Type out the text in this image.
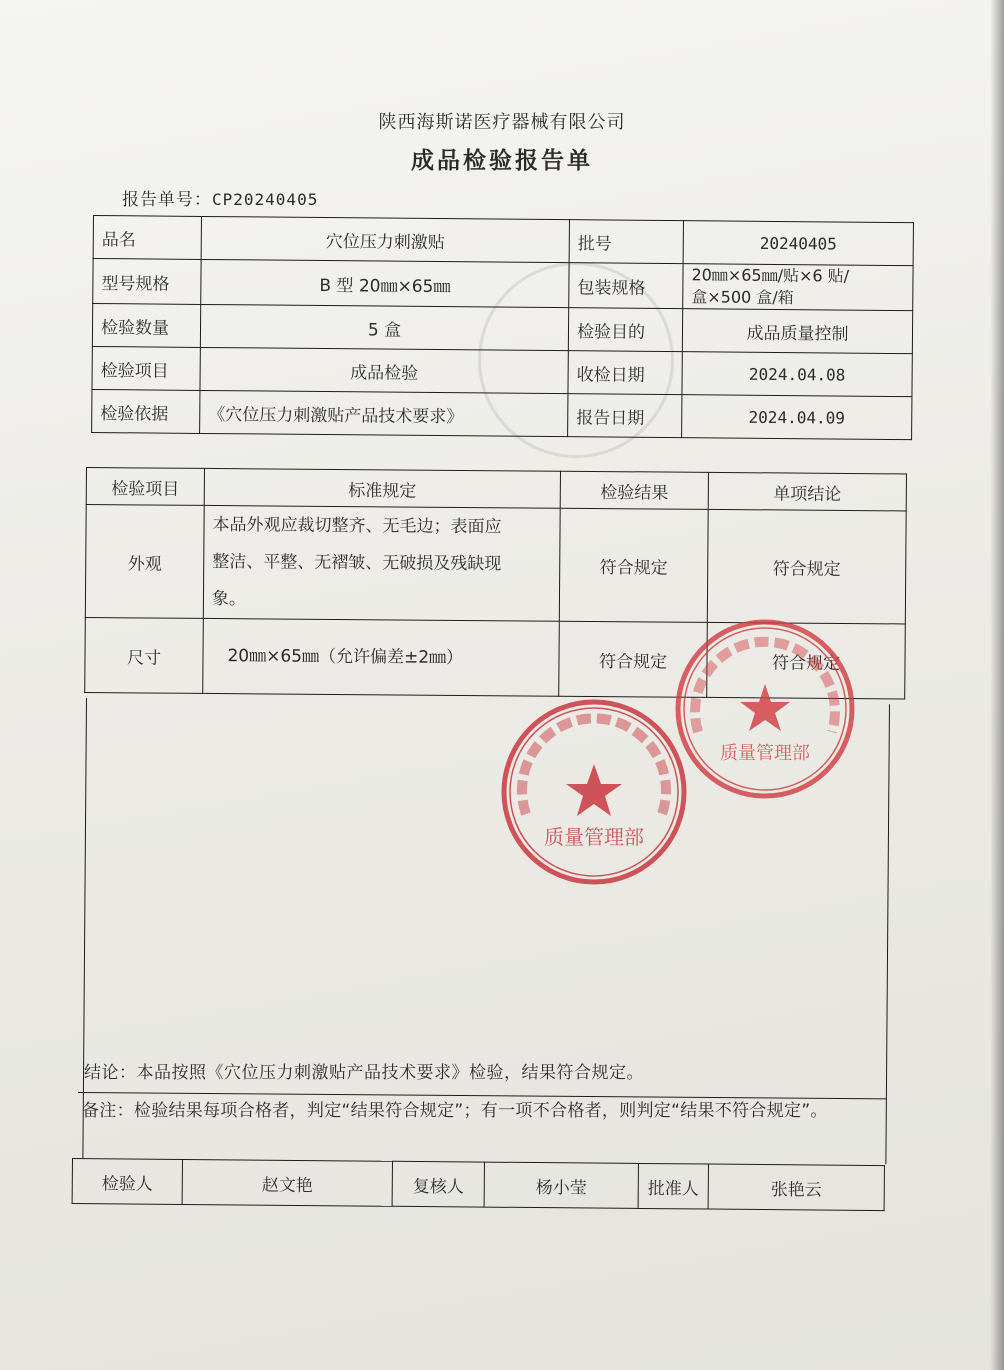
陕西海斯诺医疗器械有限公司
成品检验报告单
报告单号：CP20240405
品名	穴位压力刺激贴	批号	20240405
型号规格	B 型 20㎜×65㎜	包装规格	20㎜×65㎜/贴×6 贴/
盒×500 盒/箱

检验数量	5 盒	检验目的	成品质量控制
检验项目	成品检验	收检日期	2024.04.08
检验依据	《穴位压力刺激贴产品技术要求》	报告日期	2024.04.09
检验项目	标准规定	检验结果	单项结论
外观	本品外观应裁切整齐、无毛边；表面应
整洁、平整、无褶皱、无破损及残缺现
象。	符合规定	符合规定
尺寸	20㎜×65㎜（允许偏差±2㎜）	符合规定	符合规定
结论：本品按照《穴位压力刺激贴产品技术要求》检验，结果符合规定。
备注：检验结果每项合格者，判定“结果符合规定”；有一项不合格者，则判定“结果不符合规定”。
检验人	赵文艳	复核人	杨小莹	批准人	张艳云
质量管理部
质量管理部
